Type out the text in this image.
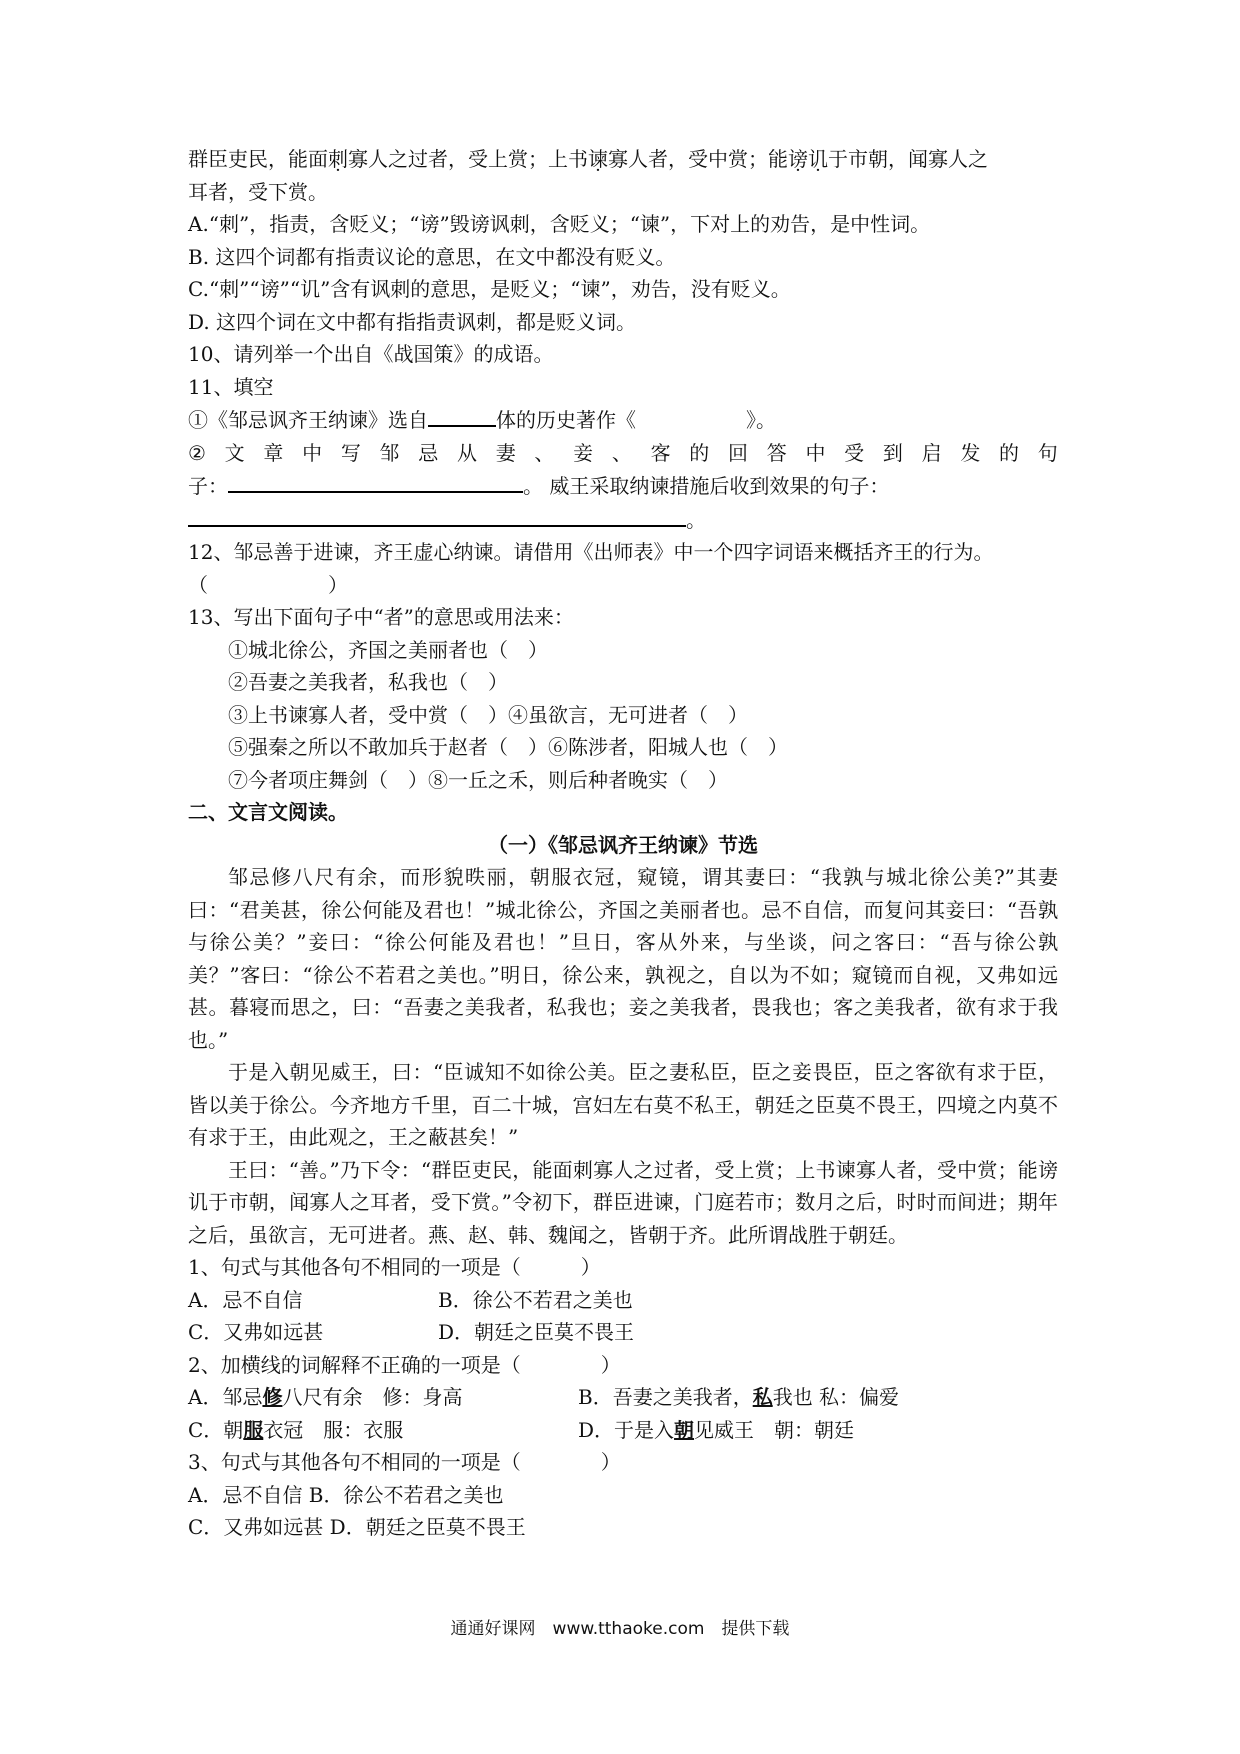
群臣吏民，能面刺寡人之过者，受上赏；上书谏寡人者，受中赏；能谤讥于市朝，闻寡人之
耳者，受下赏。
A.“刺”，指责，含贬义；“谤”毁谤讽刺，含贬义；“谏”，下对上的劝告，是中性词。
B. 这四个词都有指责议论的意思，在文中都没有贬义。
C.“刺”“谤”“讥”含有讽刺的意思，是贬义；“谏”，劝告，没有贬义。
D. 这四个词在文中都有指指责讽刺，都是贬义词。
10、请列举一个出自《战国策》的成语。
11、填空
①《邹忌讽齐王纳谏》选自	体的历史著作《	》。
② 文 章 中 写 邹 忌 从 妻 、 妾 、 客 的 回 答 中 受 到 启 发 的 句
子：	。 威王采取纳谏措施后收到效果的句子：
。
12、邹忌善于进谏，齐王虚心纳谏。请借用《出师表》中一个四字词语来概括齐王的行为。
（	）
13、写出下面句子中“者”的意思或用法来：
①城北徐公，齐国之美丽者也（　）
②吾妻之美我者，私我也（　）
③上书谏寡人者，受中赏（　）④虽欲言，无可进者（　）
⑤强秦之所以不敢加兵于赵者（　）⑥陈涉者，阳城人也（　）
⑦今者项庄舞剑（　）⑧一丘之禾，则后种者晚实（　）
二、文言文阅读。
（一）《邹忌讽齐王纳谏》节选
邹忌修八尺有余，而形貌昳丽，朝服衣冠，窥镜，谓其妻曰：“我孰与城北徐公美?”其妻曰：“君美甚，徐公何能及君也！”城北徐公，齐国之美丽者也。忌不自信，而复问其妾曰：“吾孰与徐公美？”妾曰：“徐公何能及君也！”旦日，客从外来，与坐谈，问之客曰：“吾与徐公孰美？”客曰：“徐公不若君之美也。”明日，徐公来，孰视之，自以为不如；窥镜而自视，又弗如远甚。暮寝而思之，曰：“吾妻之美我者，私我也；妾之美我者，畏我也；客之美我者，欲有求于我也。”
于是入朝见威王，曰：“臣诚知不如徐公美。臣之妻私臣，臣之妾畏臣，臣之客欲有求于臣，皆以美于徐公。今齐地方千里，百二十城，宫妇左右莫不私王，朝廷之臣莫不畏王，四境之内莫不有求于王，由此观之，王之蔽甚矣！”
王曰：“善。”乃下令：“群臣吏民，能面刺寡人之过者，受上赏；上书谏寡人者，受中赏；能谤讥于市朝，闻寡人之耳者，受下赏。”令初下，群臣进谏，门庭若市；数月之后，时时而间进；期年之后，虽欲言，无可进者。燕、赵、韩、魏闻之，皆朝于齐。此所谓战胜于朝廷。
1、句式与其他各句不相同的一项是（　　　）
A．忌不自信	B．徐公不若君之美也
C．又弗如远甚	D．朝廷之臣莫不畏王
2、加横线的词解释不正确的一项是（　　　　）
A．邹忌修八尺有余　修：身高	B．吾妻之美我者，私我也 私：偏爱
C．朝服衣冠　服：衣服	D．于是入朝见威王　朝：朝廷
3、句式与其他各句不相同的一项是（　　　　）
A．忌不自信 B．徐公不若君之美也
C．又弗如远甚 D．朝廷之臣莫不畏王
通通好课网　www.tthaoke.com　提供下载
